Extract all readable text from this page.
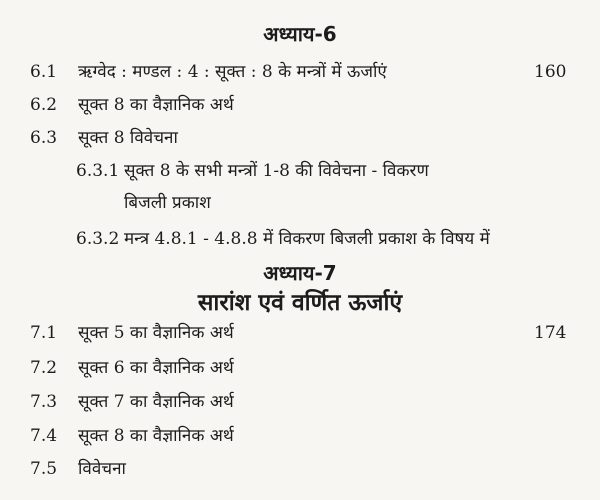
अध्याय-6
6.1 ऋग्वेद : मण्डल : 4 : सूक्त : 8 के मन्त्रों में ऊर्जाएं	160
6.2 सूक्त 8 का वैज्ञानिक अर्थ
6.3 सूक्त 8 विवेचना
6.3.1 सूक्त 8 के सभी मन्त्रों 1-8 की विवेचना - विकरण
बिजली प्रकाश
6.3.2 मन्त्र 4.8.1 - 4.8.8 में विकरण बिजली प्रकाश के विषय में
अध्याय-7
सारांश एवं वर्णित ऊर्जाएं
7.1 सूक्त 5 का वैज्ञानिक अर्थ	174
7.2 सूक्त 6 का वैज्ञानिक अर्थ
7.3 सूक्त 7 का वैज्ञानिक अर्थ
7.4 सूक्त 8 का वैज्ञानिक अर्थ
7.5 विवेचना
